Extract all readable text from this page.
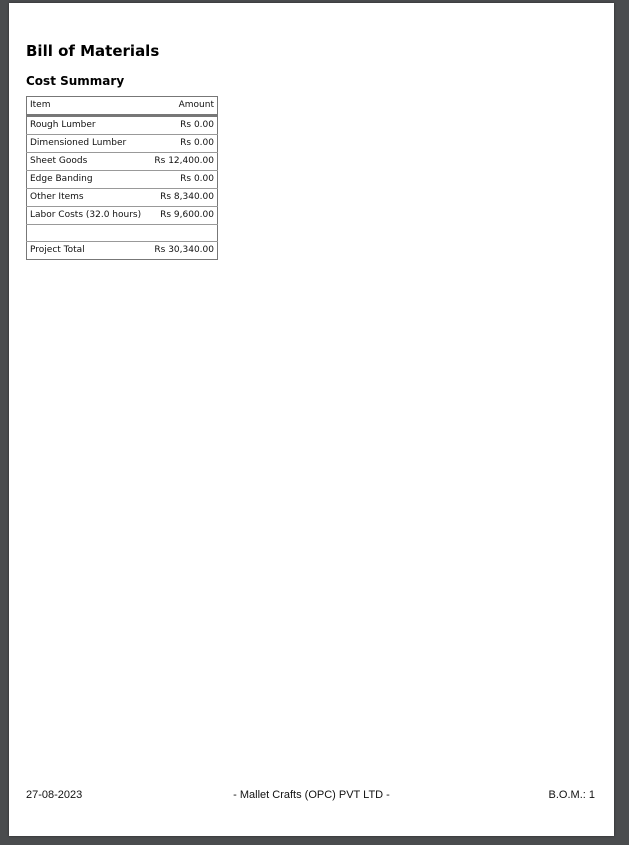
Bill of Materials
Cost Summary
Item	Amount
Rough Lumber	Rs 0.00
Dimensioned Lumber	Rs 0.00
Sheet Goods	Rs 12,400.00
Edge Banding	Rs 0.00
Other Items	Rs 8,340.00
Labor Costs (32.0 hours)	Rs 9,600.00

Project Total	Rs 30,340.00
- Mallet Crafts (OPC) PVT LTD -
27-08-2023	B.O.M.: 1
